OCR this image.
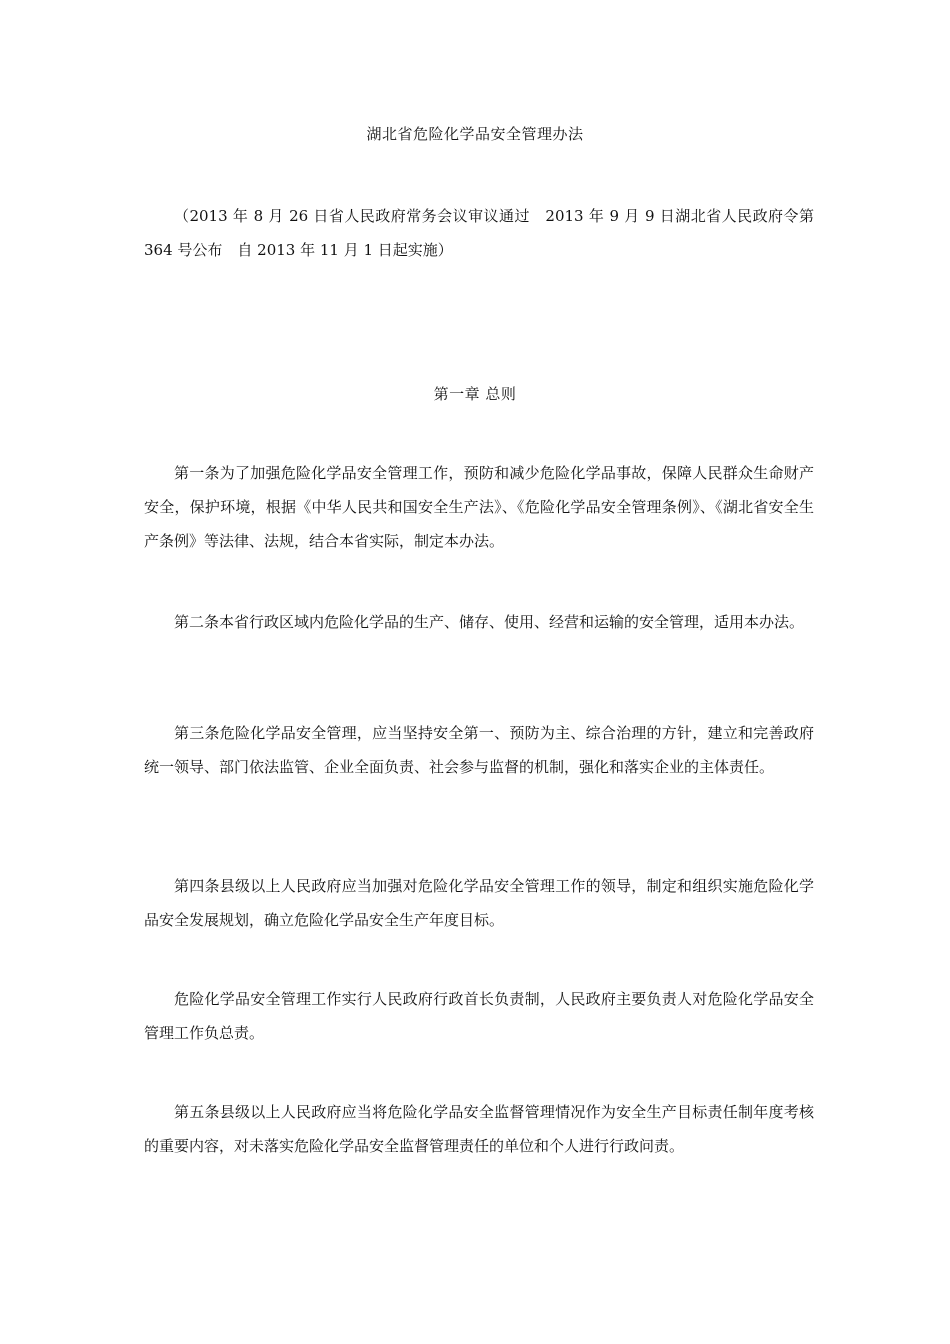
湖北省危险化学品安全管理办法
（2013 年 8 月 26 日省人民政府常务会议审议通过　2013 年 9 月 9 日湖北省人民政府令第 364 号公布　自 2013 年 11 月 1 日起实施）
第一章 总则

第一条为了加强危险化学品安全管理工作，预防和减少危险化学品事故，保障人民群众生命财产安全，保护环境，根据《中华人民共和国安全生产法》、《危险化学品安全管理条例》、《湖北省安全生产条例》等法律、法规，结合本省实际，制定本办法。

第二条本省行政区域内危险化学品的生产、储存、使用、经营和运输的安全管理，适用本办法。

第三条危险化学品安全管理，应当坚持安全第一、预防为主、综合治理的方针，建立和完善政府统一领导、部门依法监管、企业全面负责、社会参与监督的机制，强化和落实企业的主体责任。

第四条县级以上人民政府应当加强对危险化学品安全管理工作的领导，制定和组织实施危险化学品安全发展规划，确立危险化学品安全生产年度目标。

危险化学品安全管理工作实行人民政府行政首长负责制，人民政府主要负责人对危险化学品安全管理工作负总责。

第五条县级以上人民政府应当将危险化学品安全监督管理情况作为安全生产目标责任制年度考核的重要内容，对未落实危险化学品安全监督管理责任的单位和个人进行行政问责。
